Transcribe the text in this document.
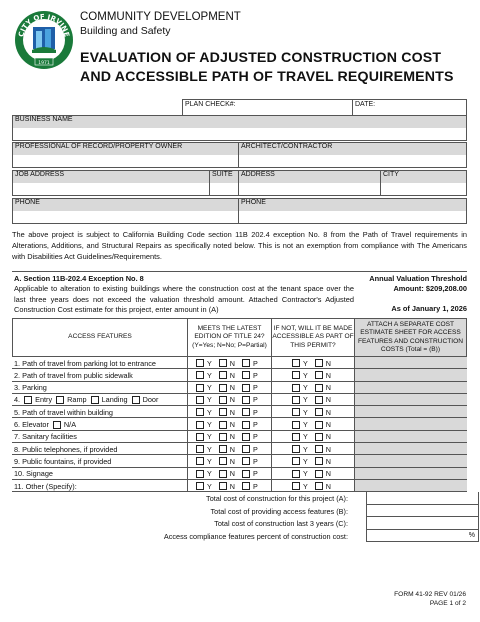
1971
CITY OF IRVINE
COMMUNITY DEVELOPMENT
Building and Safety
EVALUATION OF ADJUSTED CONSTRUCTION COST
AND ACCESSIBLE PATH OF TRAVEL REQUIREMENTS
PLAN CHECK#:	DATE:
BUSINESS NAME
PROFESSIONAL OF RECORD/PROPERTY OWNER	ARCHITECT/CONTRACTOR
JOB ADDRESS	SUITE	ADDRESS	CITY
PHONE	PHONE
The above project is subject to California Building Code section 11B 202.4 exception No. 8 from the Path of Travel requirements in Alterations, Additions, and Structural Repairs as specifically noted below. This is not an exemption from compliance with The Americans with Disabilities Act Guidelines/Requirements.
A. Section 11B-202.4 Exception No. 8
Applicable to alteration to existing buildings where the construction cost at the tenant space over the last three years does not exceed the valuation threshold amount. Attached Contractor's Adjusted Construction Cost estimate for this project, enter amount in (A)
Annual Valuation Threshold
Amount: $209,208.00
As of January 1, 2026
ACCESS FEATURES
MEETS THE LATEST EDITION OF TITLE 24? (Y=Yes; N=No; P=Partial)
IF NOT, WILL IT BE MADE ACCESSIBLE AS PART OF THIS PERMIT?
ATTACH A SEPARATE COST ESTIMATE SHEET FOR ACCESS FEATURES AND CONSTRUCTION COSTS (Total = (B))
1. Path of travel from parking lot to entrance	Y	N	P	Y	N
2. Path of travel from public sidewalk	Y	N	P	Y	N
3. Parking	Y	N	P	Y	N
4. Entry Ramp Landing Door	Y	N	P	Y	N
5. Path of travel within building	Y	N	P	Y	N
6. Elevator N/A	Y	N	P	Y	N
7. Sanitary facilities	Y	N	P	Y	N
8. Public telephones, if provided	Y	N	P	Y	N
9. Public fountains, if provided	Y	N	P	Y	N
10. Signage	Y	N	P	Y	N
11. Other (Specify):	Y	N	P	Y	N
Total cost of construction for this project (A):
Total cost of providing access features (B):
Total cost of construction last 3 years (C):
Access compliance features percent of construction cost:	%
FORM 41-92 REV 01/26
PAGE 1 of 2
